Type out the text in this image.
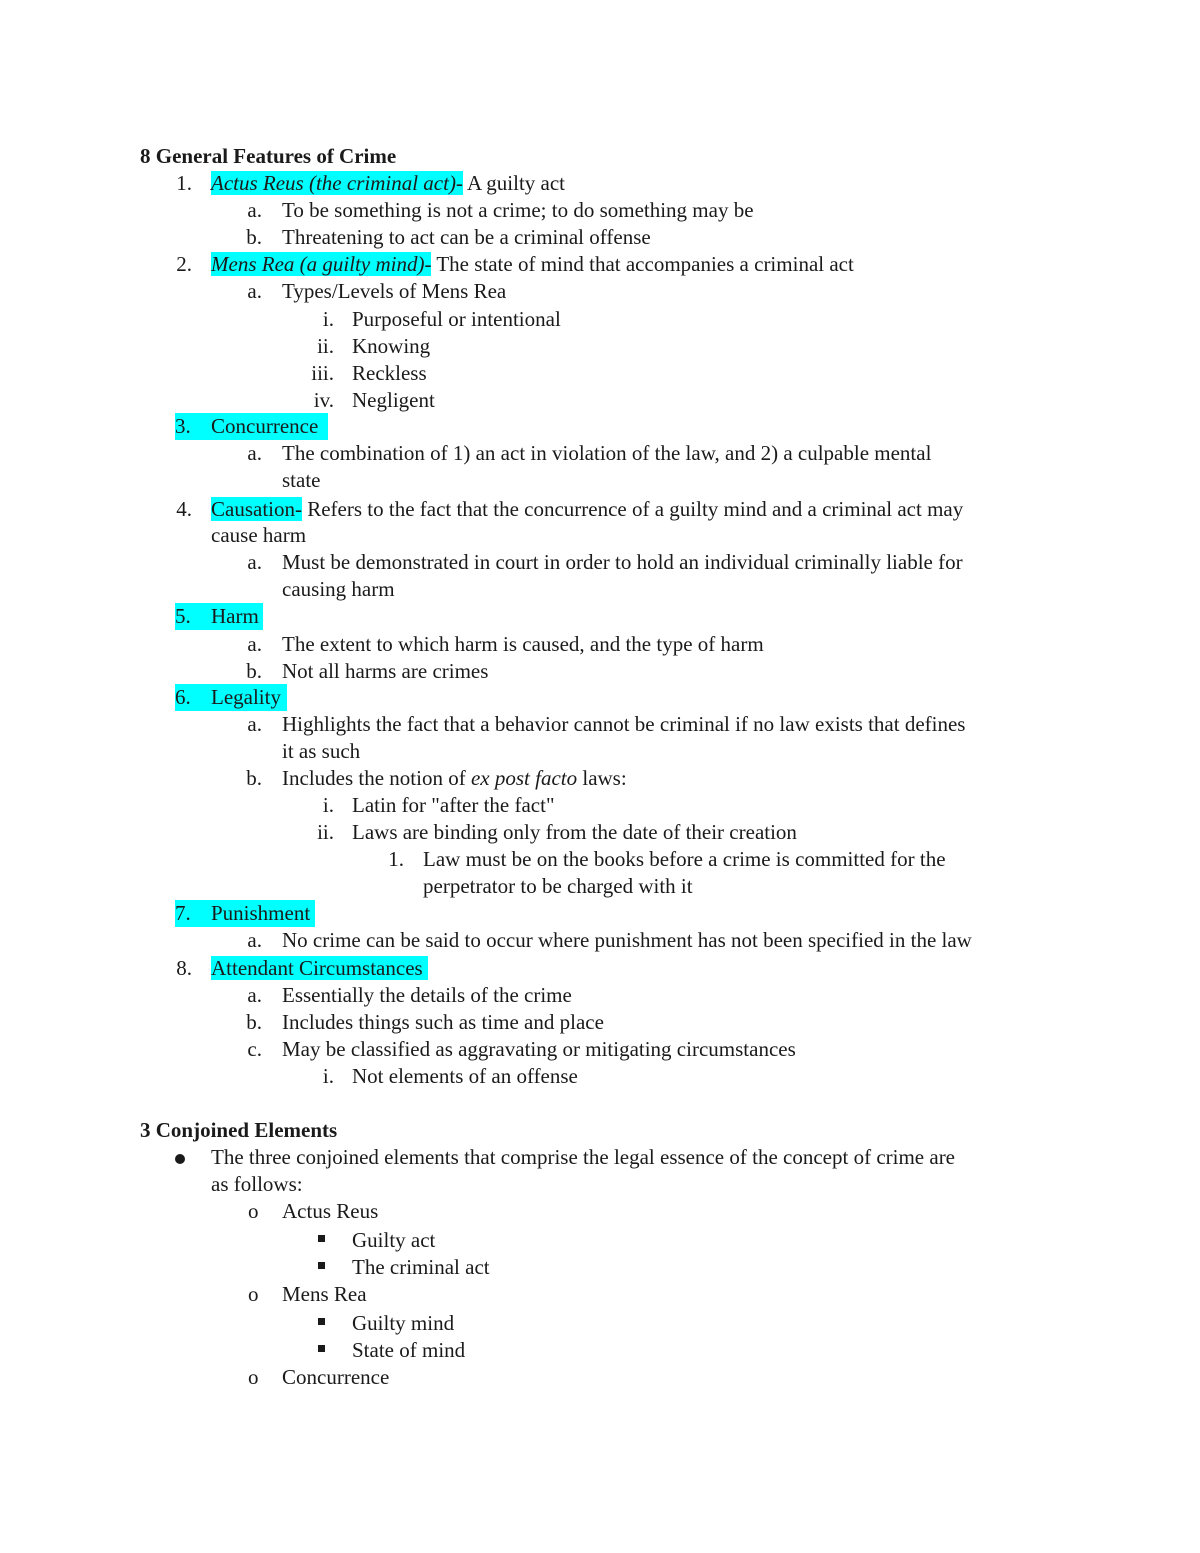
8 General Features of Crime
1. Actus Reus (the criminal act)- A guilty act
a. To be something is not a crime; to do something may be
b. Threatening to act can be a criminal offense
2. Mens Rea (a guilty mind)- The state of mind that accompanies a criminal act
a. Types/Levels of Mens Rea
i. Purposeful or intentional
ii. Knowing
iii. Reckless
iv. Negligent
3. Concurrence
a. The combination of 1) an act in violation of the law, and 2) a culpable mental
state
4. Causation- Refers to the fact that the concurrence of a guilty mind and a criminal act may
cause harm
a. Must be demonstrated in court in order to hold an individual criminally liable for
causing harm
5. Harm
a. The extent to which harm is caused, and the type of harm
b. Not all harms are crimes
6. Legality
a. Highlights the fact that a behavior cannot be criminal if no law exists that defines
it as such
b. Includes the notion of ex post facto laws:
i. Latin for "after the fact"
ii. Laws are binding only from the date of their creation
1. Law must be on the books before a crime is committed for the
perpetrator to be charged with it
7. Punishment
a. No crime can be said to occur where punishment has not been specified in the law
8. Attendant Circumstances
a. Essentially the details of the crime
b. Includes things such as time and place
c. May be classified as aggravating or mitigating circumstances
i. Not elements of an offense
3 Conjoined Elements
The three conjoined elements that comprise the legal essence of the concept of crime are
as follows:
o Actus Reus
Guilty act
The criminal act
o Mens Rea
Guilty mind
State of mind
o Concurrence
